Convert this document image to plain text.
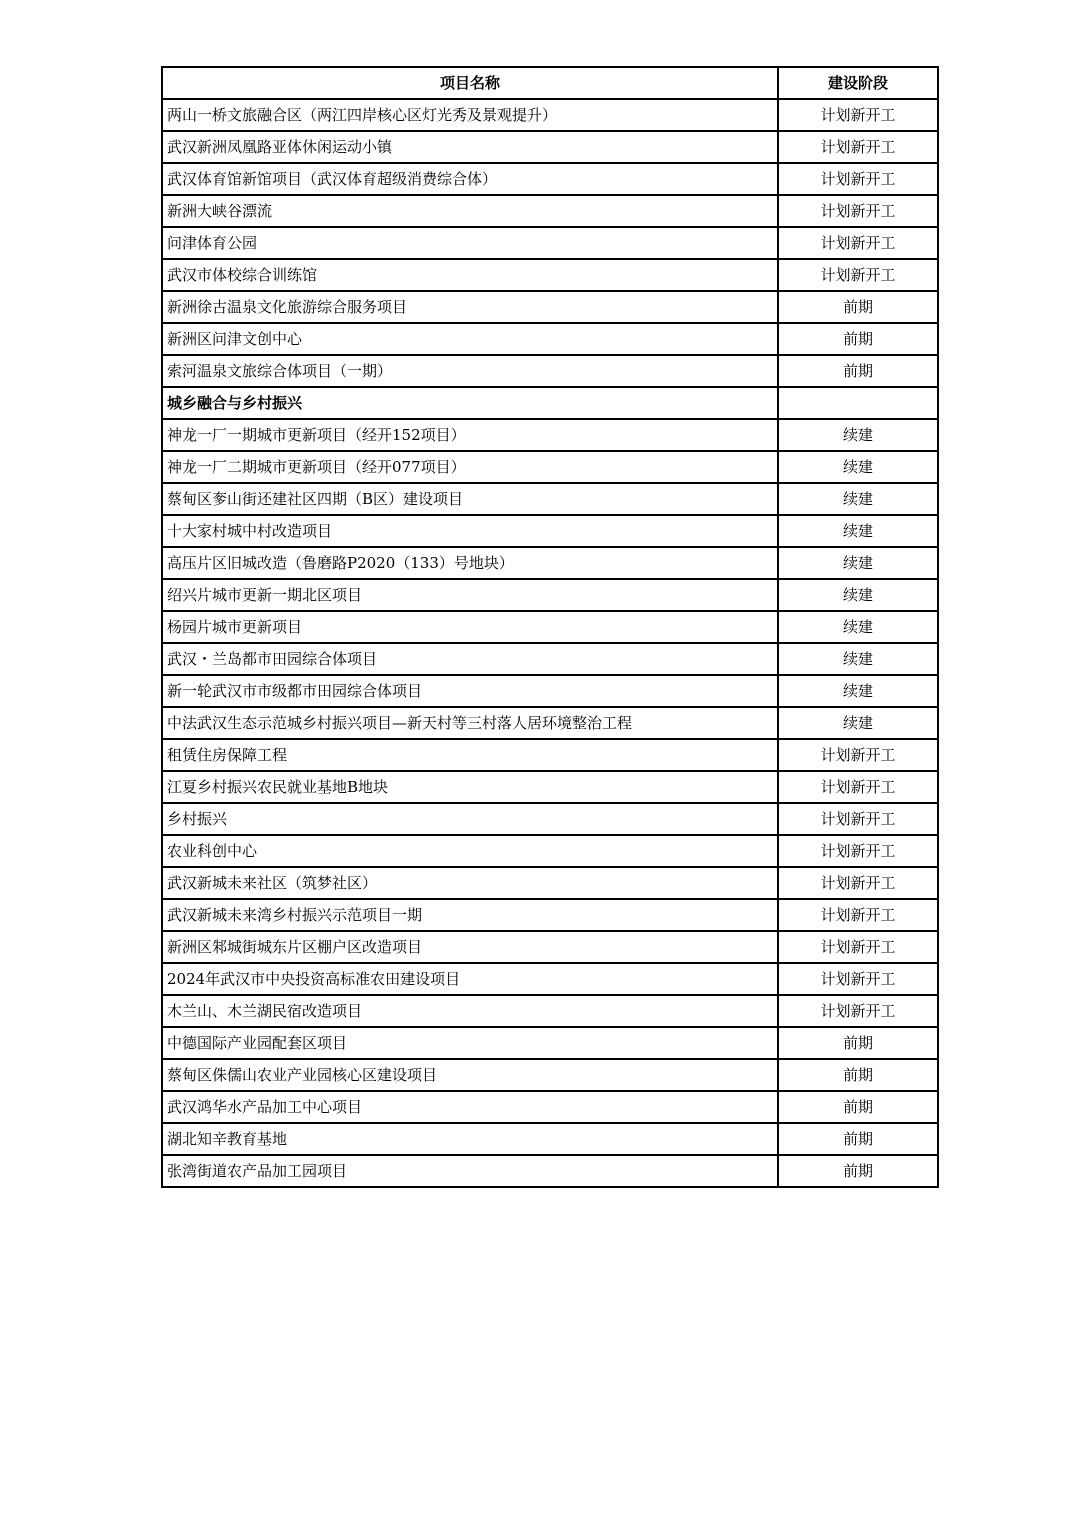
项目名称	建设阶段
两山一桥文旅融合区（两江四岸核心区灯光秀及景观提升）	计划新开工
武汉新洲凤凰路亚体休闲运动小镇	计划新开工
武汉体育馆新馆项目（武汉体育超级消费综合体）	计划新开工
新洲大峡谷漂流	计划新开工
问津体育公园	计划新开工
武汉市体校综合训练馆	计划新开工
新洲徐古温泉文化旅游综合服务项目	前期
新洲区问津文创中心	前期
索河温泉文旅综合体项目（一期）	前期
城乡融合与乡村振兴	
神龙一厂一期城市更新项目（经开152项目）	续建
神龙一厂二期城市更新项目（经开077项目）	续建
蔡甸区奓山街还建社区四期（B区）建设项目	续建
十大家村城中村改造项目	续建
高压片区旧城改造（鲁磨路P2020（133）号地块）	续建
绍兴片城市更新一期北区项目	续建
杨园片城市更新项目	续建
武汉・兰岛都市田园综合体项目	续建
新一轮武汉市市级都市田园综合体项目	续建
中法武汉生态示范城乡村振兴项目—新天村等三村落人居环境整治工程	续建
租赁住房保障工程	计划新开工
江夏乡村振兴农民就业基地B地块	计划新开工
乡村振兴	计划新开工
农业科创中心	计划新开工
武汉新城未来社区（筑梦社区）	计划新开工
武汉新城未来湾乡村振兴示范项目一期	计划新开工
新洲区邾城街城东片区棚户区改造项目	计划新开工
2024年武汉市中央投资高标准农田建设项目	计划新开工
木兰山、木兰湖民宿改造项目	计划新开工
中德国际产业园配套区项目	前期
蔡甸区侏儒山农业产业园核心区建设项目	前期
武汉鸿华水产品加工中心项目	前期
湖北知辛教育基地	前期
张湾街道农产品加工园项目	前期
